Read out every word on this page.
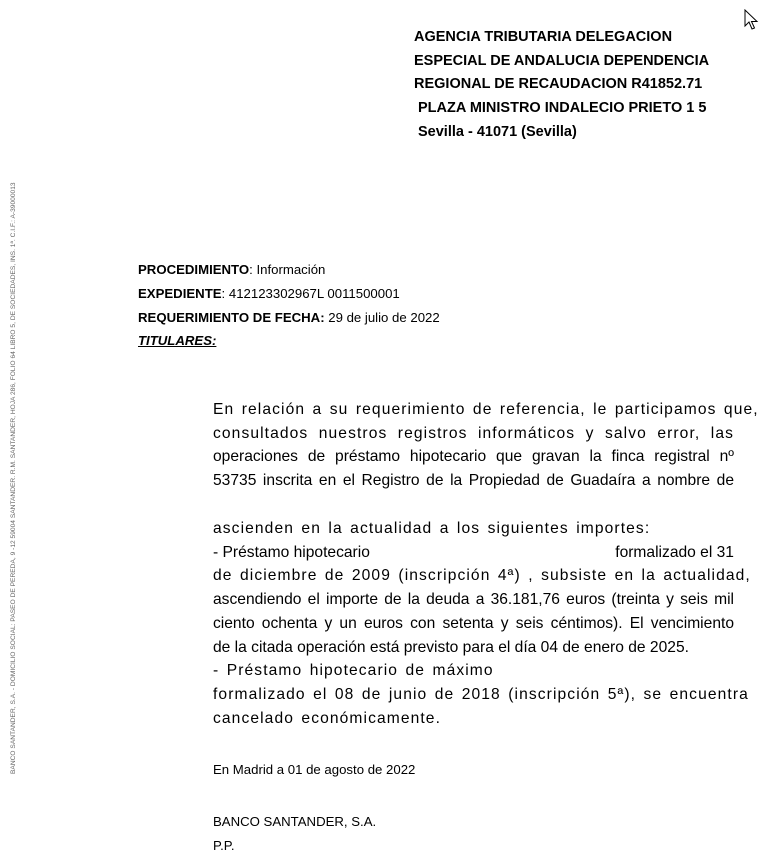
BANCO SANTANDER, S.A. - DOMICILIO SOCIAL: PASEO DE PEREDA, 9 -12 59004 SANTANDER. R.M. SANTANDER, HOJA 286, FOLIO 64 LIBRO 5, DE SOCIEDADES, INS. 1ª. C.I.F.: A-39000013
AGENCIA TRIBUTARIA DELEGACION
ESPECIAL DE ANDALUCIA DEPENDENCIA
REGIONAL DE RECAUDACION R41852.71
PLAZA MINISTRO INDALECIO PRIETO 1 5
Sevilla - 41071 (Sevilla)
PROCEDIMIENTO: Información
EXPEDIENTE: 412123302967L 0011500001
REQUERIMIENTO DE FECHA: 29 de julio de 2022
TITULARES:
En relación a su requerimiento de referencia, le participamos que,
consultados nuestros registros informáticos y salvo error, las
operaciones de préstamo hipotecario que gravan la finca registral nº
53735 inscrita en el Registro de la Propiedad de Guadaíra a nombre de
ascienden en la actualidad a los siguientes importes:
- Préstamo hipotecario	formalizado el 31
de diciembre de 2009 (inscripción 4ª) , subsiste en la actualidad,
ascendiendo el importe de la deuda a 36.181,76 euros (treinta y seis mil
ciento ochenta y un euros con setenta y seis céntimos). El vencimiento
de la citada operación está previsto para el día 04 de enero de 2025.
- Préstamo hipotecario de máximo
formalizado el 08 de junio de 2018 (inscripción 5ª), se encuentra
cancelado económicamente.
En Madrid a 01 de agosto de 2022
BANCO SANTANDER, S.A.
P.P.
